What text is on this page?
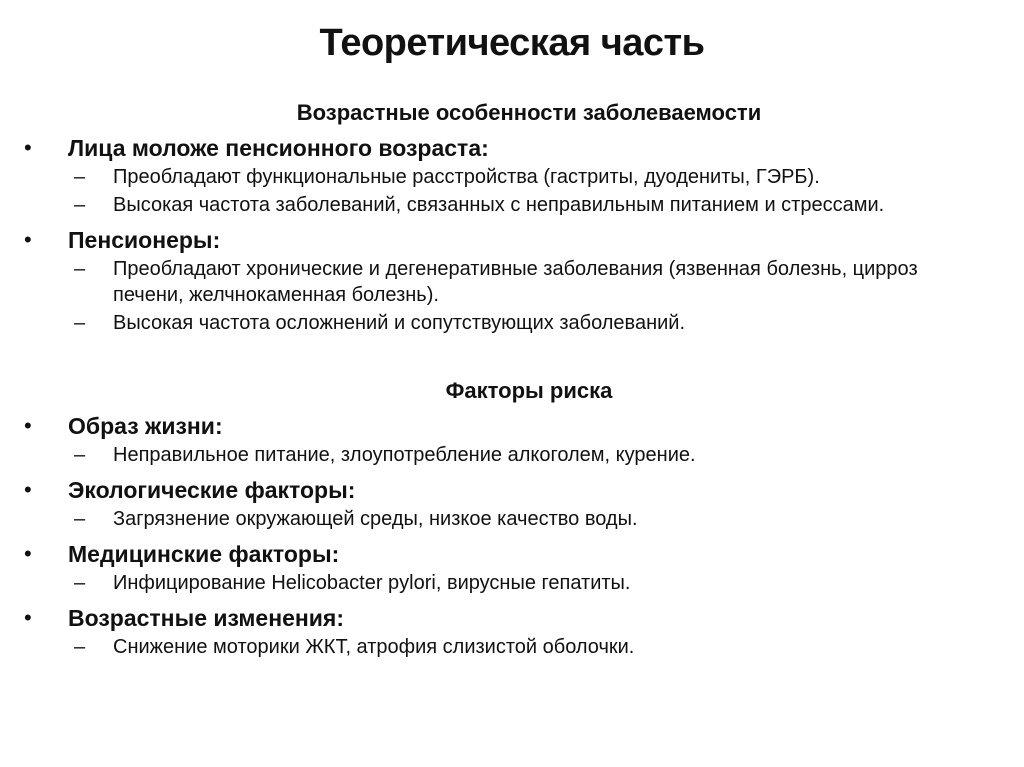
Теоретическая часть
Возрастные особенности заболеваемости
• Лица моложе пенсионного возраста:
– Преобладают функциональные расстройства (гастриты, дуодениты, ГЭРБ).
– Высокая частота заболеваний, связанных с неправильным питанием и стрессами.
• Пенсионеры:
– Преобладают хронические и дегенеративные заболевания (язвенная болезнь, цирроз печени, желчнокаменная болезнь).
– Высокая частота осложнений и сопутствующих заболеваний.
Факторы риска
• Образ жизни:
– Неправильное питание, злоупотребление алкоголем, курение.
• Экологические факторы:
– Загрязнение окружающей среды, низкое качество воды.
• Медицинские факторы:
– Инфицирование Helicobacter pylori, вирусные гепатиты.
• Возрастные изменения:
– Снижение моторики ЖКТ, атрофия слизистой оболочки.
